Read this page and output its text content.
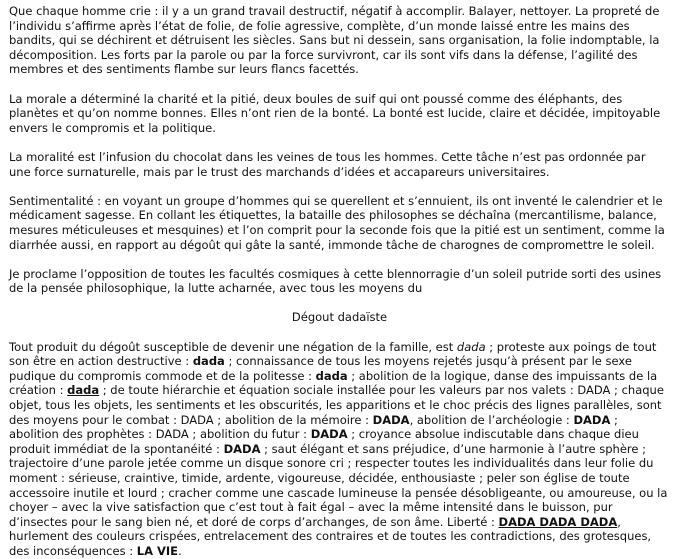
Que chaque homme crie : il y a un grand travail destructif, négatif à accomplir. Balayer, nettoyer. La propreté de l’individu s’affirme après l’état de folie, de folie agressive, complète, d’un monde laissé entre les mains des bandits, qui se déchirent et détruisent les siècles. Sans but ni dessein, sans organisation, la folie indomptable, la décomposition. Les forts par la parole ou par la force survivront, car ils sont vifs dans la défense, l’agilité des membres et des sentiments flambe sur leurs flancs facettés.

La morale a déterminé la charité et la pitié, deux boules de suif qui ont poussé comme des éléphants, des planètes et qu’on nomme bonnes. Elles n’ont rien de la bonté. La bonté est lucide, claire et décidée, impitoyable envers le compromis et la politique.

La moralité est l’infusion du chocolat dans les veines de tous les hommes. Cette tâche n’est pas ordonnée par une force surnaturelle, mais par le trust des marchands d’idées et accapareurs universitaires.

Sentimentalité : en voyant un groupe d’hommes qui se querellent et s’ennuient, ils ont inventé le calendrier et le médicament sagesse. En collant les étiquettes, la bataille des philosophes se déchaîna (mercantilisme, balance, mesures méticuleuses et mesquines) et l’on comprit pour la seconde fois que la pitié est un sentiment, comme la diarrhée aussi, en rapport au dégoût qui gâte la santé, immonde tâche de charognes de compromettre le soleil.

Je proclame l’opposition de toutes les facultés cosmiques à cette blennorragie d’un soleil putride sorti des usines de la pensée philosophique, la lutte acharnée, avec tous les moyens du

Dégout dadaïste

Tout produit du dégoût susceptible de devenir une négation de la famille, est dada ; proteste aux poings de tout son être en action destructive : dada ; connaissance de tous les moyens rejetés jusqu’à présent par le sexe pudique du compromis commode et de la politesse : dada ; abolition de la logique, danse des impuissants de la création : dada ; de toute hiérarchie et équation sociale installée pour les valeurs par nos valets : DADA ; chaque objet, tous les objets, les sentiments et les obscurités, les apparitions et le choc précis des lignes parallèles, sont des moyens pour le combat : DADA ; abolition de la mémoire : DADA, abolition de l’archéologie : DADA ; abolition des prophètes : DADA ; abolition du futur : DADA ; croyance absolue indiscutable dans chaque dieu produit immédiat de la spontanéité : DADA ; saut élégant et sans préjudice, d’une harmonie à l’autre sphère ; trajectoire d’une parole jetée comme un disque sonore cri ; respecter toutes les individualités dans leur folie du moment : sérieuse, craintive, timide, ardente, vigoureuse, décidée, enthousiaste ; peler son église de toute accessoire inutile et lourd ; cracher comme une cascade lumineuse la pensée désobligeante, ou amoureuse, ou la choyer – avec la vive satisfaction que c’est tout à fait égal – avec la même intensité dans le buisson, pur d’insectes pour le sang bien né, et doré de corps d’archanges, de son âme. Liberté : DADA DADA DADA, hurlement des couleurs crispées, entrelacement des contraires et de toutes les contradictions, des grotesques, des inconséquences : LA VIE.
